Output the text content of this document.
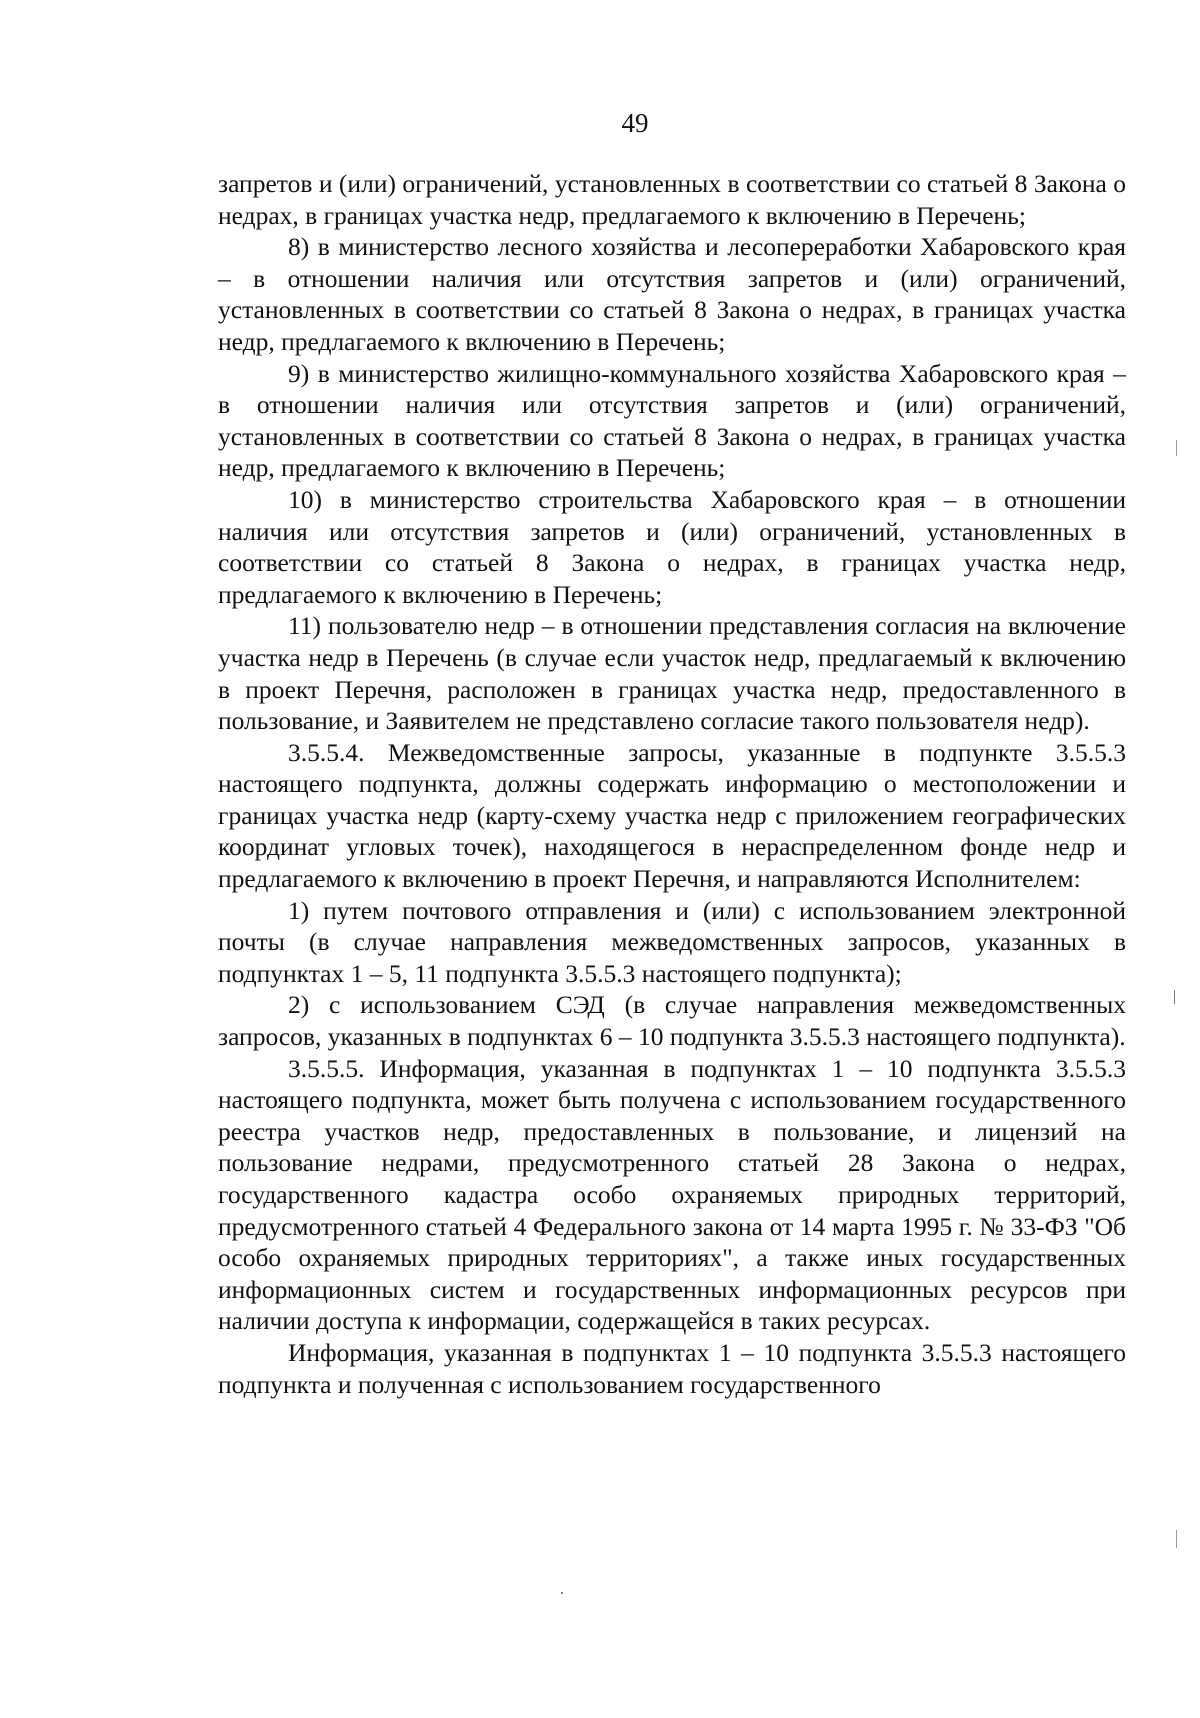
49

запретов и (или) ограничений, установленных в соответствии со статьей 8 Закона о недрах, в границах участка недр, предлагаемого к включению в Перечень;

8) в министерство лесного хозяйства и лесопереработки Хабаровского края – в отношении наличия или отсутствия запретов и (или) ограничений, установленных в соответствии со статьей 8 Закона о недрах, в границах участка недр, предлагаемого к включению в Перечень;

9) в министерство жилищно-коммунального хозяйства Хабаровского края – в отношении наличия или отсутствия запретов и (или) ограничений, установленных в соответствии со статьей 8 Закона о недрах, в границах участка недр, предлагаемого к включению в Перечень;

10) в министерство строительства Хабаровского края – в отношении наличия или отсутствия запретов и (или) ограничений, установленных в соответствии со статьей 8 Закона о недрах, в границах участка недр, предлагаемого к включению в Перечень;

11) пользователю недр – в отношении представления согласия на включение участка недр в Перечень (в случае если участок недр, предлагаемый к включению в проект Перечня, расположен в границах участка недр, предоставленного в пользование, и Заявителем не представлено согласие такого пользователя недр).

3.5.5.4. Межведомственные запросы, указанные в подпункте 3.5.5.3 настоящего подпункта, должны содержать информацию о местоположении и границах участка недр (карту-схему участка недр с приложением географических координат угловых точек), находящегося в нераспределенном фонде недр и предлагаемого к включению в проект Перечня, и направляются Исполнителем:

1) путем почтового отправления и (или) с использованием электронной почты (в случае направления межведомственных запросов, указанных в подпунктах 1 – 5, 11 подпункта 3.5.5.3 настоящего подпункта);

2) с использованием СЭД (в случае направления межведомственных запросов, указанных в подпунктах 6 – 10 подпункта 3.5.5.3 настоящего подпункта).

3.5.5.5. Информация, указанная в подпунктах 1 – 10 подпункта 3.5.5.3 настоящего подпункта, может быть получена с использованием государственного реестра участков недр, предоставленных в пользование, и лицензий на пользование недрами, предусмотренного статьей 28 Закона о недрах, государственного кадастра особо охраняемых природных территорий, предусмотренного статьей 4 Федерального закона от 14 марта 1995 г. № 33-ФЗ "Об особо охраняемых природных территориях", а также иных государственных информационных систем и государственных информационных ресурсов при наличии доступа к информации, содержащейся в таких ресурсах.

Информация, указанная в подпунктах 1 – 10 подпункта 3.5.5.3 настоящего подпункта и полученная с использованием государственного
